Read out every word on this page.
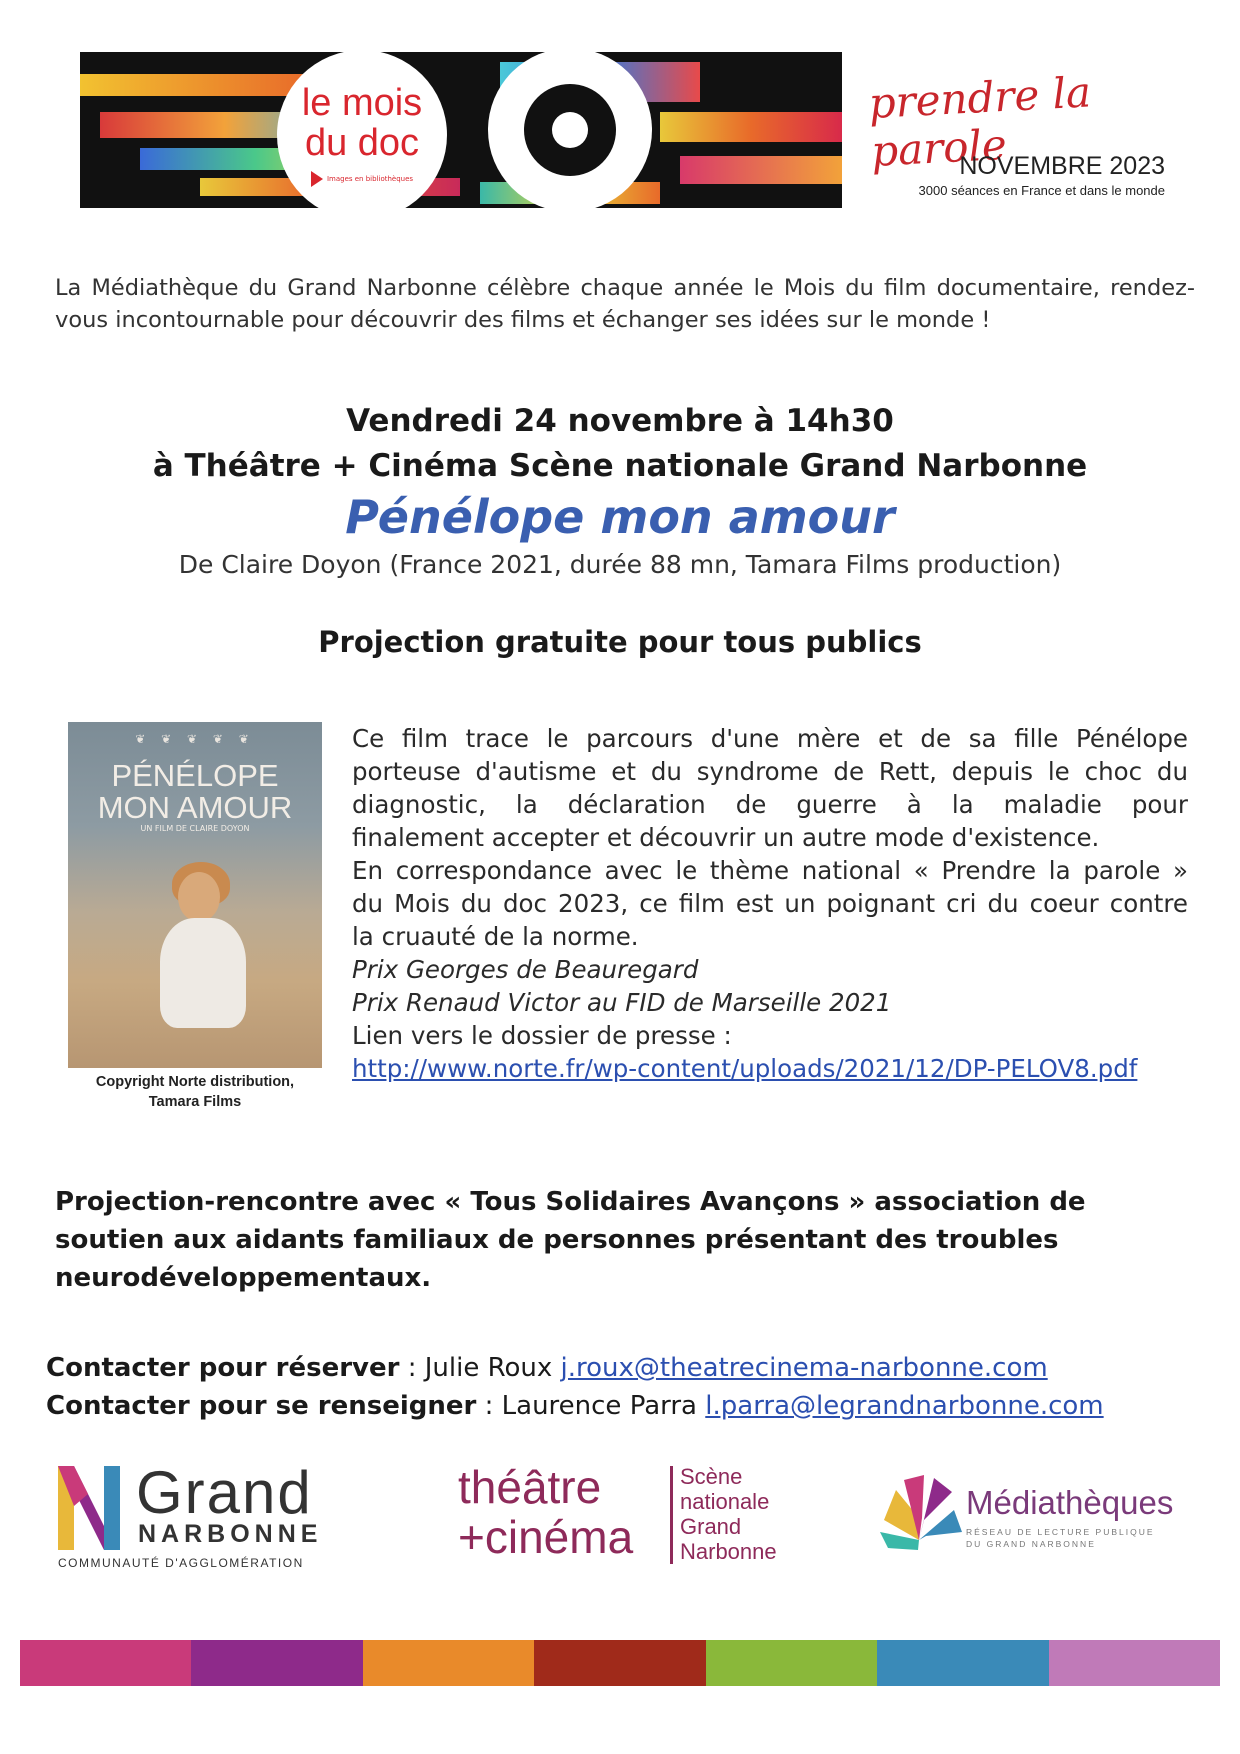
le mois
du doc
Images en bibliothèques
prendre la parole
NOVEMBRE 2023
3000 séances en France et dans le monde
La Médiathèque du Grand Narbonne célèbre chaque année le Mois du film documentaire, rendez-vous incontournable pour découvrir des films et échanger ses idées sur le monde !
Vendredi 24 novembre à 14h30
à Théâtre + Cinéma Scène nationale Grand Narbonne
Pénélope mon amour
De Claire Doyon (France 2021, durée 88 mn, Tamara Films production)
Projection gratuite pour tous publics
❦ ❦ ❦ ❦ ❦
PÉNÉLOPE
MON AMOUR
UN FILM DE CLAIRE DOYON
Copyright Norte distribution,
Tamara Films
Ce film trace le parcours d'une mère et de sa fille Pénélope
porteuse d'autisme et du syndrome de Rett, depuis le choc du
diagnostic, la déclaration de guerre à la maladie pour
finalement accepter et découvrir un autre mode d'existence.
En correspondance avec le thème national « Prendre la parole »
du Mois du doc 2023, ce film est un poignant cri du coeur contre
la cruauté de la norme.
Prix Georges de Beauregard
Prix Renaud Victor au FID de Marseille 2021
Lien vers le dossier de presse :
http://www.norte.fr/wp-content/uploads/2021/12/DP-PELOV8.pdf
Projection-rencontre avec « Tous Solidaires Avançons » association de soutien aux aidants familiaux de personnes présentant des troubles neurodéveloppementaux.
Contacter pour réserver : Julie Roux j.roux@theatrecinema-narbonne.com
Contacter pour se renseigner : Laurence Parra l.parra@legrandnarbonne.com
Grand
NARBONNE
COMMUNAUTÉ D'AGGLOMÉRATION
théâtre
+cinéma
Scène
nationale
Grand
Narbonne
Médiathèques
RÉSEAU DE LECTURE PUBLIQUE
DU GRAND NARBONNE
